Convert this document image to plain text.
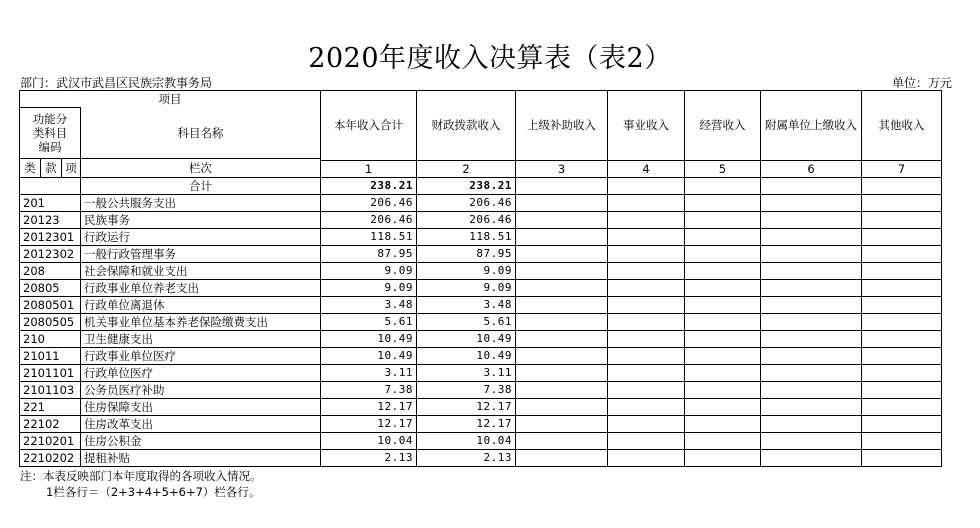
2020年度收入决算表（表2）
部门：武汉市武昌区民族宗教事务局	单位：万元
项目				本年收入合计	财政拨款收入	上级补助收入	事业收入	经营收入	附属单位上缴收入	其他收入
功能分类科目编码			科目名称							
类	款	项								
			栏次	1	2	3	4	5	6	7
			合计	238.21	238.21					
201			一般公共服务支出	206.46	206.46					
20123			民族事务	206.46	206.46					
2012301			行政运行	118.51	118.51					
2012302			一般行政管理事务	87.95	87.95					
208			社会保障和就业支出	9.09	9.09					
20805			行政事业单位养老支出	9.09	9.09					
2080501			行政单位离退休	3.48	3.48					
2080505			机关事业单位基本养老保险缴费支出	5.61	5.61					
210			卫生健康支出	10.49	10.49					
21011			行政事业单位医疗	10.49	10.49					
2101101			行政单位医疗	3.11	3.11					
2101103			公务员医疗补助	7.38	7.38					
221			住房保障支出	12.17	12.17					
22102			住房改革支出	12.17	12.17					
2210201			住房公积金	10.04	10.04					
2210202			提租补贴	2.13	2.13					
注：本表反映部门本年度取得的各项收入情况。
1栏各行＝（2+3+4+5+6+7）栏各行。
